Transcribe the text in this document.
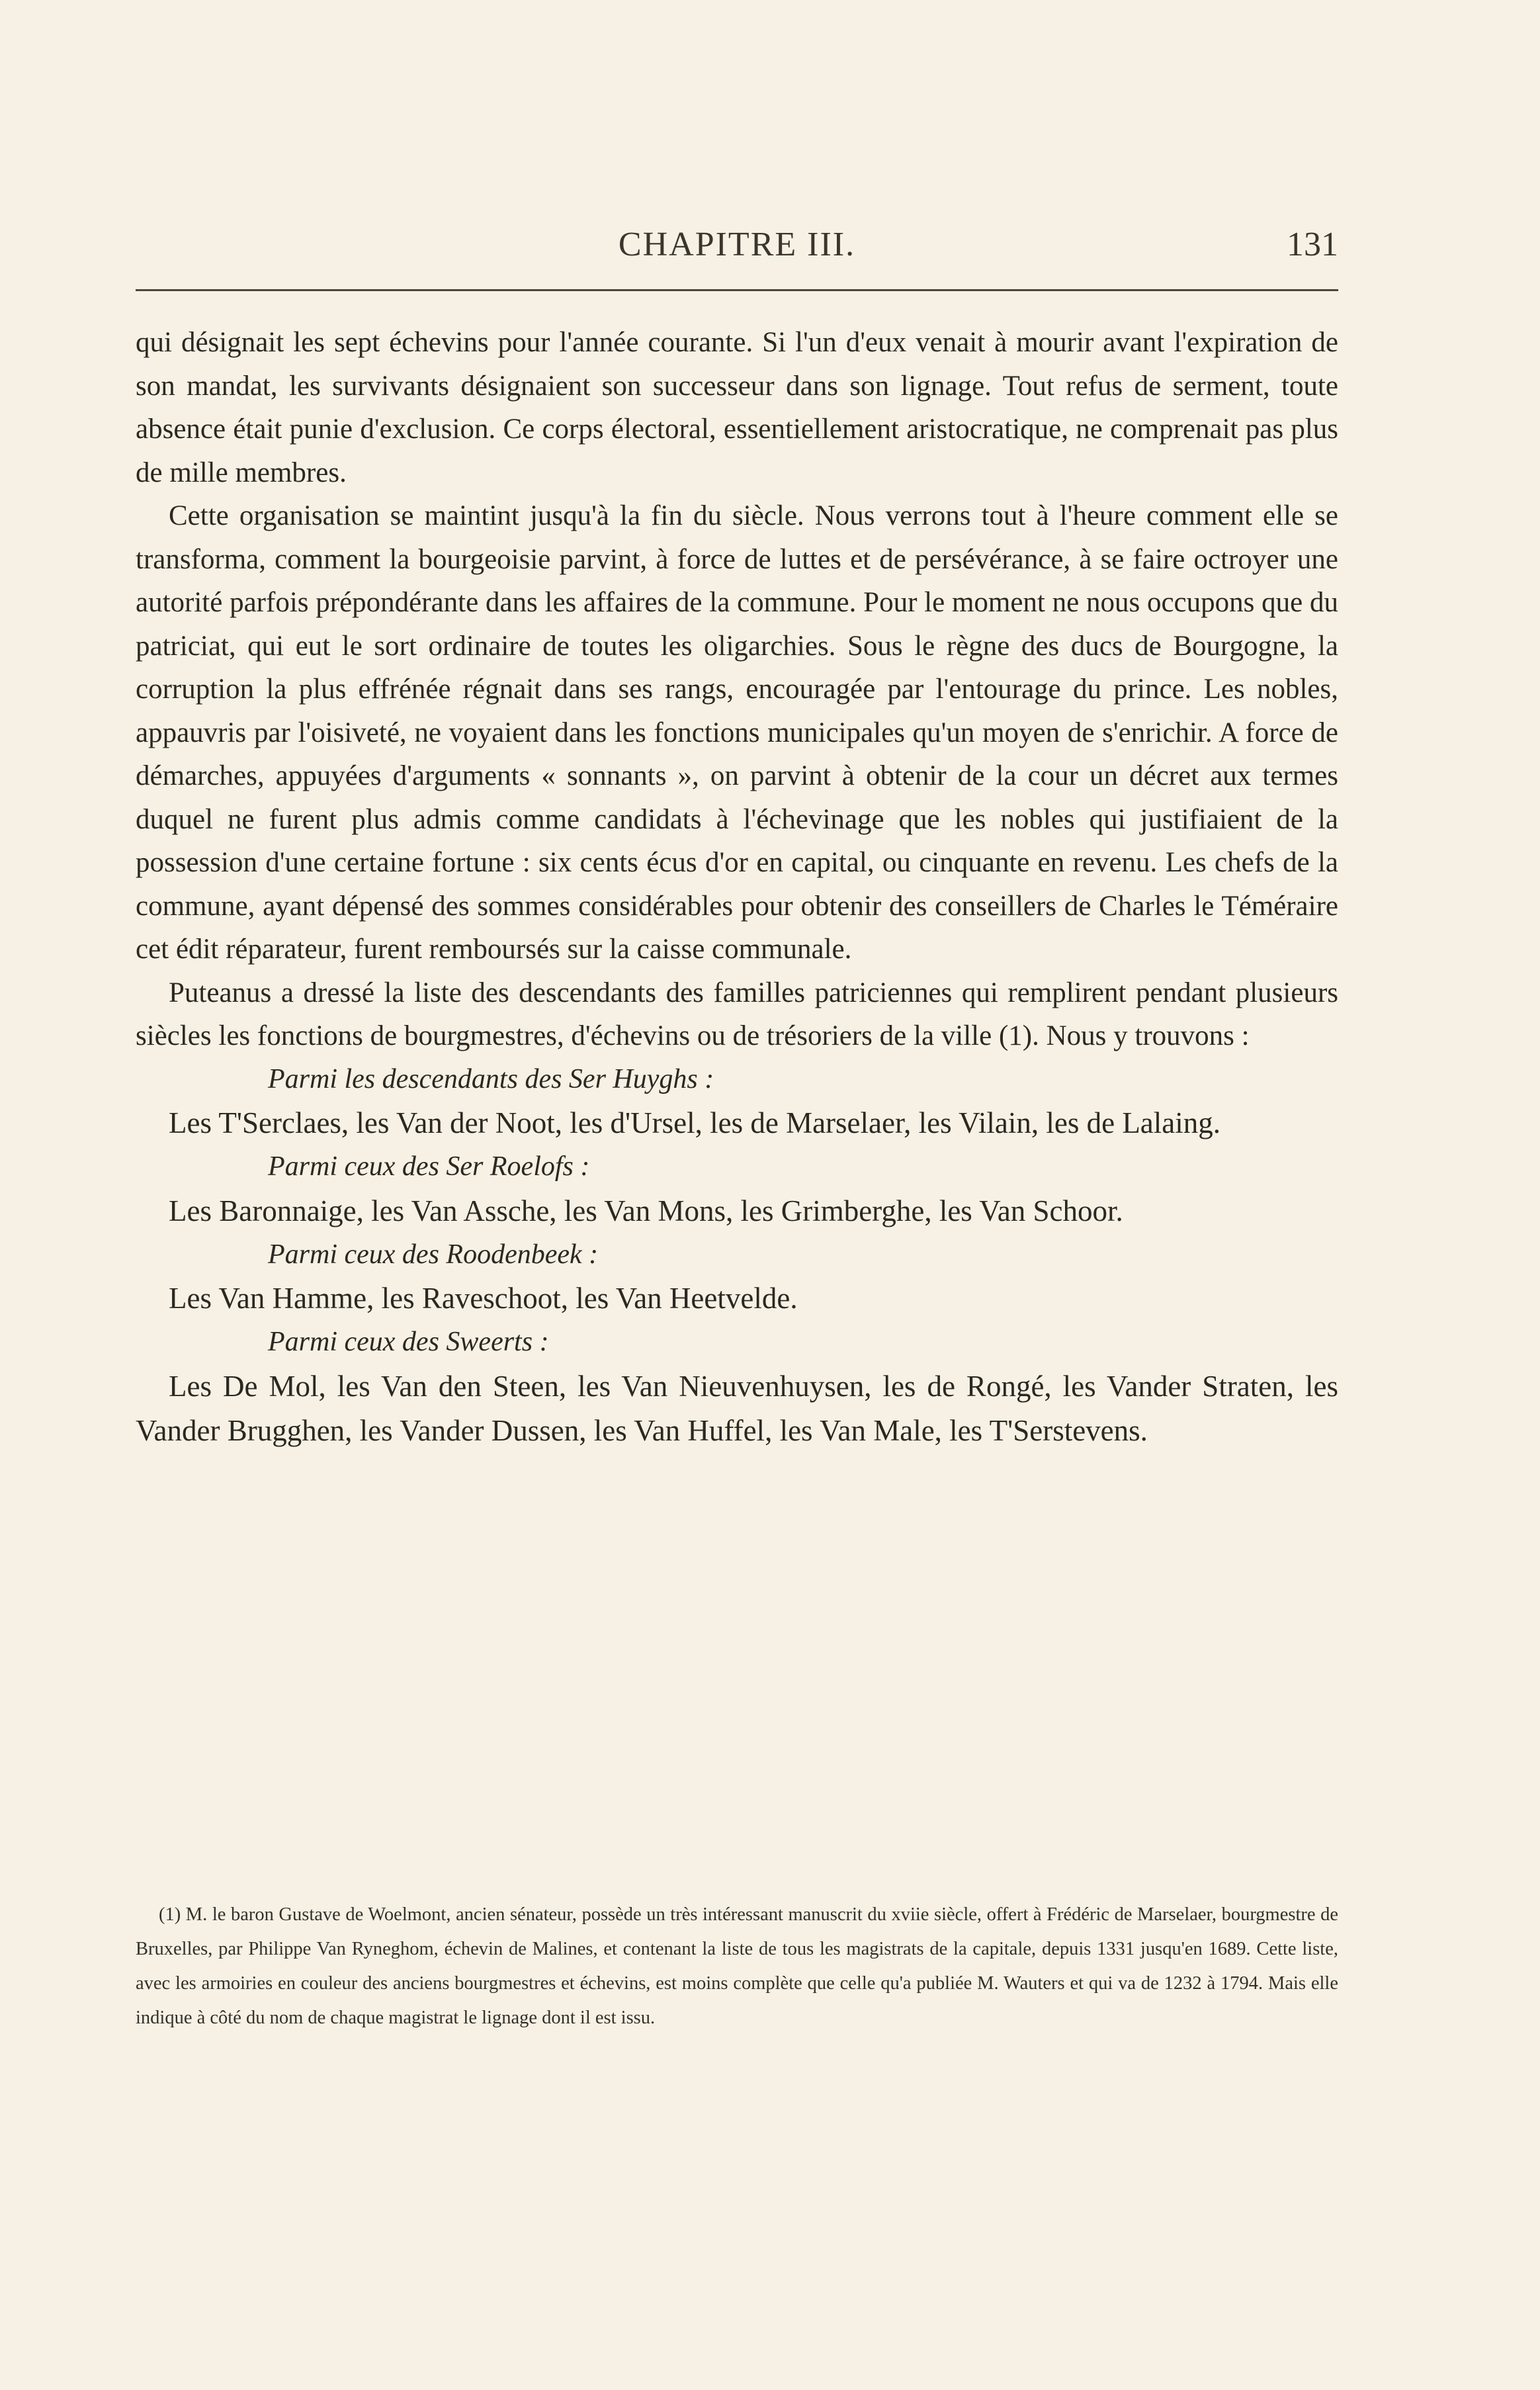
CHAPITRE III.	131

qui désignait les sept échevins pour l'année courante. Si l'un d'eux venait à mourir avant l'expiration de son mandat, les survivants désignaient son successeur dans son lignage. Tout refus de serment, toute absence était punie d'exclusion. Ce corps électoral, essentiellement aristocratique, ne comprenait pas plus de mille membres.

Cette organisation se maintint jusqu'à la fin du siècle. Nous verrons tout à l'heure comment elle se transforma, comment la bourgeoisie parvint, à force de luttes et de persévérance, à se faire octroyer une autorité parfois prépondérante dans les affaires de la commune. Pour le moment ne nous occupons que du patriciat, qui eut le sort ordinaire de toutes les oligarchies. Sous le règne des ducs de Bourgogne, la corruption la plus effrénée régnait dans ses rangs, encouragée par l'entourage du prince. Les nobles, appauvris par l'oisiveté, ne voyaient dans les fonctions municipales qu'un moyen de s'enrichir. A force de démarches, appuyées d'arguments « sonnants », on parvint à obtenir de la cour un décret aux termes duquel ne furent plus admis comme candidats à l'échevinage que les nobles qui justifiaient de la possession d'une certaine fortune : six cents écus d'or en capital, ou cinquante en revenu. Les chefs de la commune, ayant dépensé des sommes considérables pour obtenir des conseillers de Charles le Téméraire cet édit réparateur, furent remboursés sur la caisse communale.

Puteanus a dressé la liste des descendants des familles patriciennes qui remplirent pendant plusieurs siècles les fonctions de bourgmestres, d'échevins ou de trésoriers de la ville (1). Nous y trouvons :

Parmi les descendants des Ser Huyghs :

Les T'Serclaes, les Van der Noot, les d'Ursel, les de Marselaer, les Vilain, les de Lalaing.

Parmi ceux des Ser Roelofs :

Les Baronnaige, les Van Assche, les Van Mons, les Grimberghe, les Van Schoor.

Parmi ceux des Roodenbeek :

Les Van Hamme, les Raveschoot, les Van Heetvelde.

Parmi ceux des Sweerts :

Les De Mol, les Van den Steen, les Van Nieuvenhuysen, les de Rongé, les Vander Straten, les Vander Brugghen, les Vander Dussen, les Van Huffel, les Van Male, les T'Serstevens.

(1) M. le baron Gustave de Woelmont, ancien sénateur, possède un très intéressant manuscrit du xviie siècle, offert à Frédéric de Marselaer, bourgmestre de Bruxelles, par Philippe Van Ryneghom, échevin de Malines, et contenant la liste de tous les magistrats de la capitale, depuis 1331 jusqu'en 1689. Cette liste, avec les armoiries en couleur des anciens bourgmestres et échevins, est moins complète que celle qu'a publiée M. Wauters et qui va de 1232 à 1794. Mais elle indique à côté du nom de chaque magistrat le lignage dont il est issu.
